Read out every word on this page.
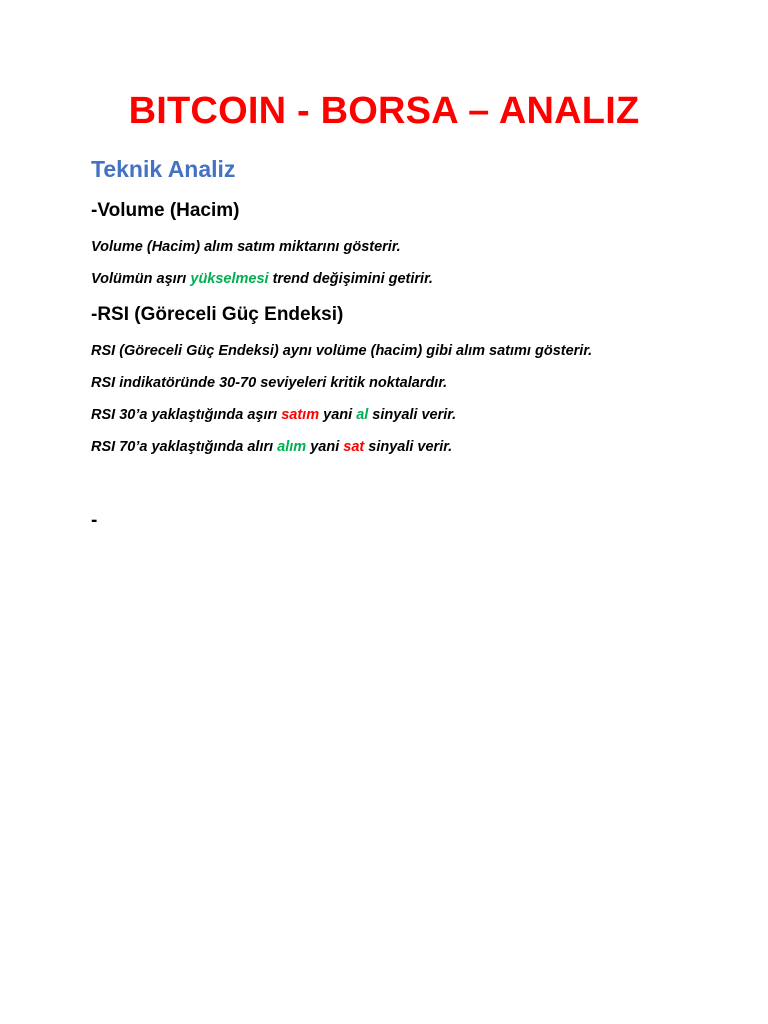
BITCOIN - BORSA – ANALIZ
Teknik Analiz
-Volume (Hacim)
Volume (Hacim) alım satım miktarını gösterir.
Volümün aşırı yükselmesi trend değişimini getirir.
-RSI (Göreceli Güç Endeksi)
RSI (Göreceli Güç Endeksi) aynı volüme (hacim) gibi alım satımı gösterir.
RSI indikatöründe 30-70 seviyeleri kritik noktalardır.
RSI 30’a yaklaştığında aşırı satım yani al sinyali verir.
RSI 70’a yaklaştığında alırı alım yani sat sinyali verir.
-
